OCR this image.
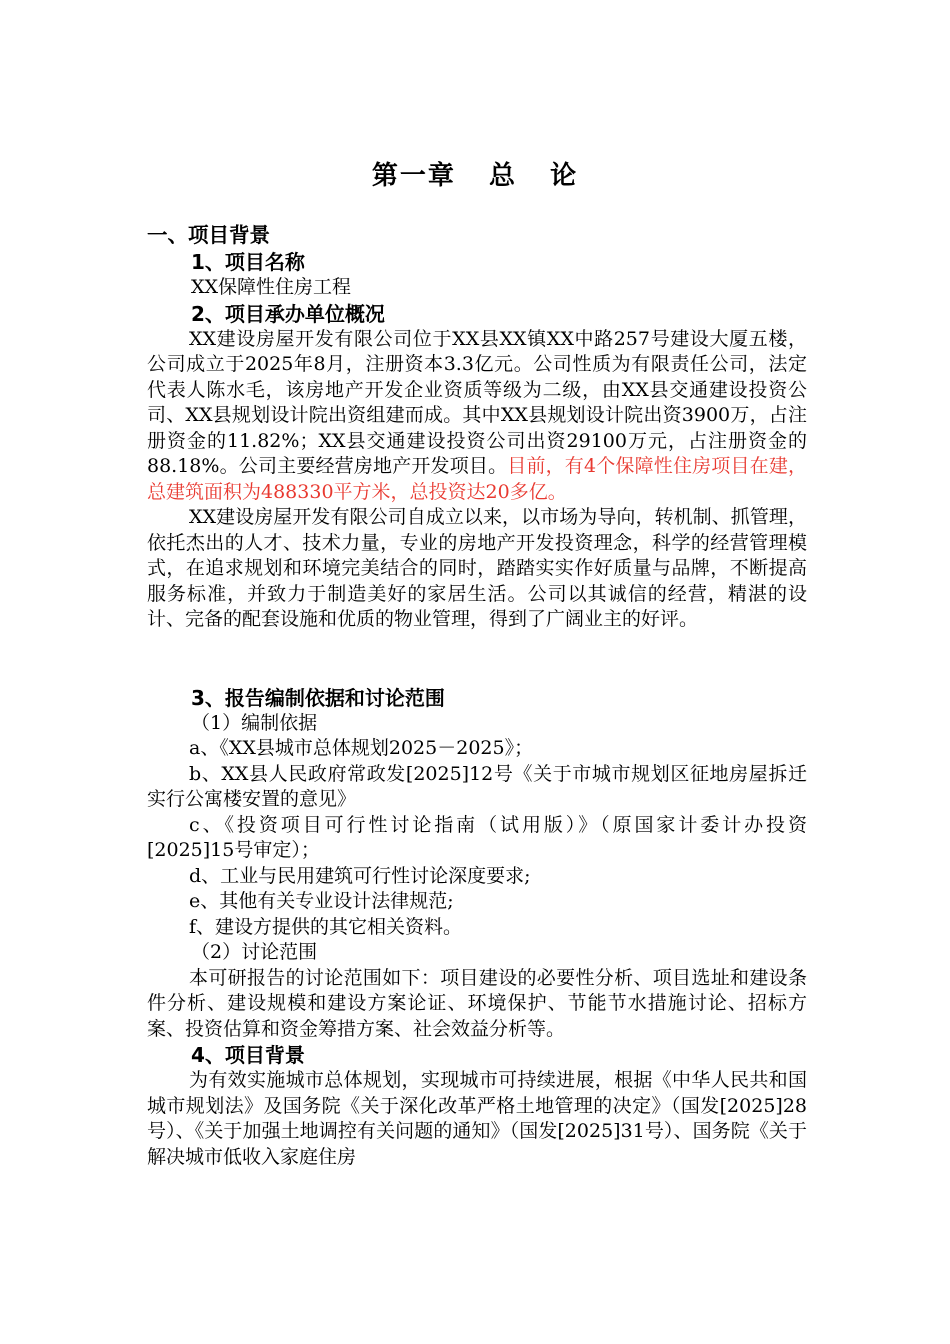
第一章   总   论
一、项目背景
1、项目名称
XX保障性住房工程
2、项目承办单位概况
XX建设房屋开发有限公司位于XX县XX镇XX中路257号建设大厦五楼，公司成立于2025年8月，注册资本3.3亿元。公司性质为有限责任公司，法定代表人陈水毛，该房地产开发企业资质等级为二级，由XX县交通建设投资公司、XX县规划设计院出资组建而成。其中XX县规划设计院出资3900万，占注册资金的11.82%；XX县交通建设投资公司出资29100万元，占注册资金的88.18%。公司主要经营房地产开发项目。目前，有4个保障性住房项目在建，总建筑面积为488330平方米，总投资达20多亿。
XX建设房屋开发有限公司自成立以来，以市场为导向，转机制、抓管理，依托杰出的人才、技术力量，专业的房地产开发投资理念，科学的经营管理模式，在追求规划和环境完美结合的同时，踏踏实实作好质量与品牌，不断提高服务标准，并致力于制造美好的家居生活。公司以其诚信的经营，精湛的设计、完备的配套设施和优质的物业管理，得到了广阔业主的好评。
3、报告编制依据和讨论范围
（1）编制依据
a、《XX县城市总体规划2025－2025》；
b、XX县人民政府常政发[2025]12号《关于市城市规划区征地房屋拆迁实行公寓楼安置的意见》
c、《投资项目可行性讨论指南（试用版）》（原国家计委计办投资[2025]15号审定）；
d、工业与民用建筑可行性讨论深度要求;
e、其他有关专业设计法律规范;
f、建设方提供的其它相关资料。
（2）讨论范围
本可研报告的讨论范围如下：项目建设的必要性分析、项目选址和建设条件分析、建设规模和建设方案论证、环境保护、节能节水措施讨论、招标方案、投资估算和资金筹措方案、社会效益分析等。
4、项目背景
为有效实施城市总体规划，实现城市可持续进展，根据《中华人民共和国城市规划法》及国务院《关于深化改革严格土地管理的决定》（国发[2025]28号）、《关于加强土地调控有关问题的通知》（国发[2025]31号）、国务院《关于解决城市低收入家庭住房
